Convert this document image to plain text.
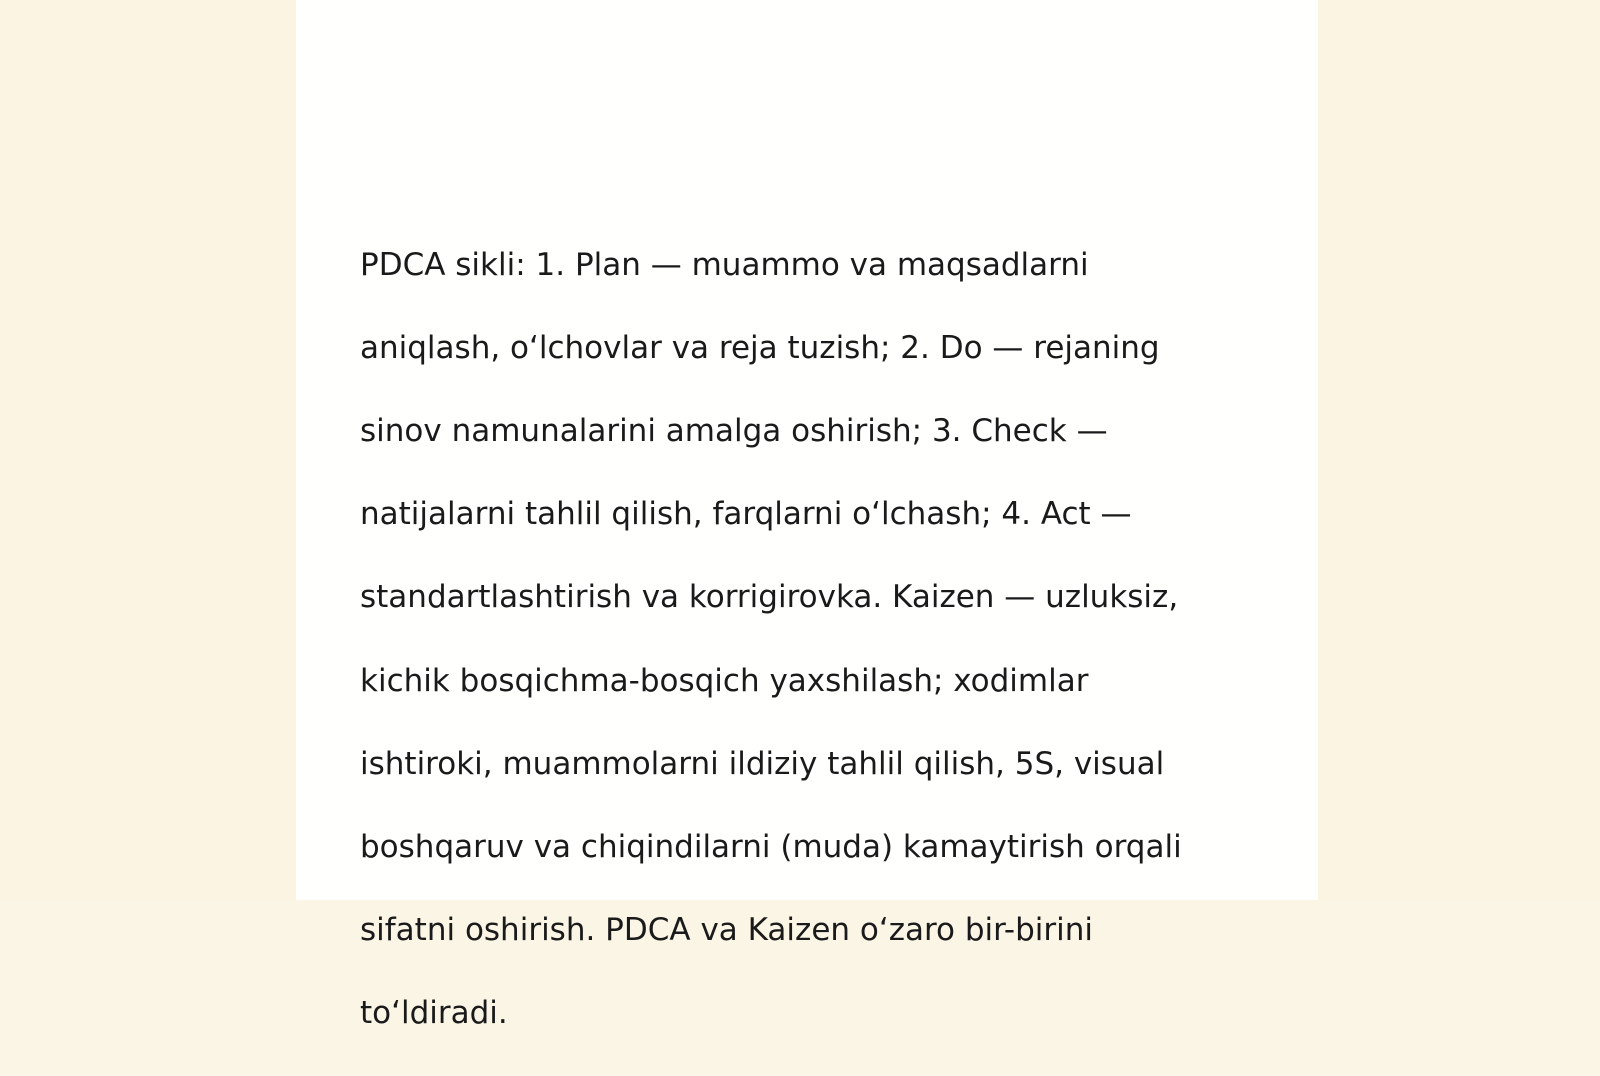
PDCA sikli: 1. Plan — muammo va maqsadlarni

aniqlash, o‘lchovlar va reja tuzish; 2. Do — rejaning

sinov namunalarini amalga oshirish; 3. Check —

natijalarni tahlil qilish, farqlarni o‘lchash; 4. Act —

standartlashtirish va korrigirovka. Kaizen — uzluksiz,

kichik bosqichma-bosqich yaxshilash; xodimlar

ishtiroki, muammolarni ildiziy tahlil qilish, 5S, visual

boshqaruv va chiqindilarni (muda) kamaytirish orqali

sifatni oshirish. PDCA va Kaizen o‘zaro bir-birini

to‘ldiradi.
